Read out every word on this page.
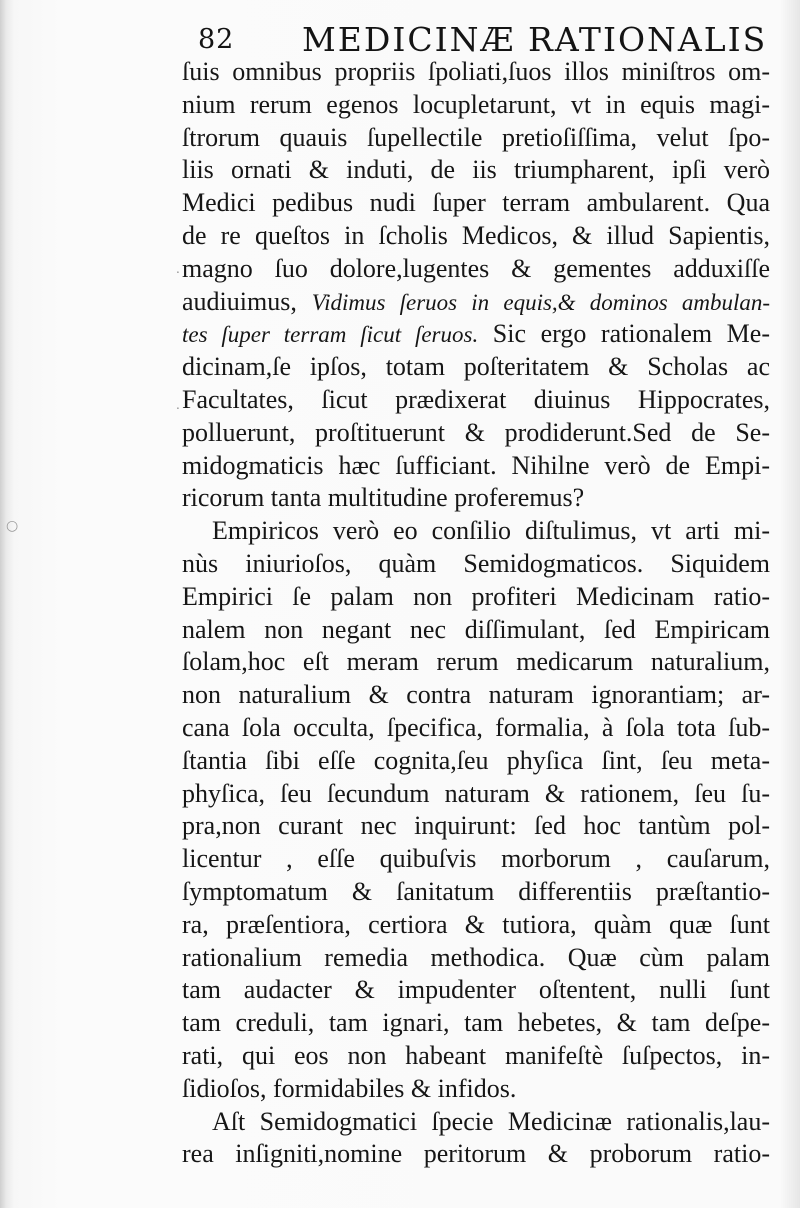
82 MEDICINÆ RATIONALIS
ſuis omnibus propriis ſpoliati,ſuos illos miniſtros om-
nium rerum egenos locupletarunt, vt in equis magi-
ſtrorum quauis ſupellectile pretioſiſſima, velut ſpo-
liis ornati & induti, de iis triumpharent, ipſi verò
Medici pedibus nudi ſuper terram ambularent. Qua
de re queſtos in ſcholis Medicos, & illud Sapientis,
magno ſuo dolore,lugentes & gementes adduxiſſe
audiuimus, Vidimus ſeruos in equis,& dominos ambulan-
tes ſuper terram ſicut ſeruos. Sic ergo rationalem Me-
dicinam,ſe ipſos, totam poſteritatem & Scholas ac
Facultates, ſicut prædixerat diuinus Hippocrates,
polluerunt, proſtituerunt & prodiderunt.Sed de Se-
midogmaticis hæc ſufficiant. Nihilne verò de Empi-
ricorum tanta multitudine proferemus?
Empiricos verò eo conſilio diſtulimus, vt arti mi-
nùs iniurioſos, quàm Semidogmaticos. Siquidem
Empirici ſe palam non profiteri Medicinam ratio-
nalem non negant nec diſſimulant, ſed Empiricam
ſolam,hoc eſt meram rerum medicarum naturalium,
non naturalium & contra naturam ignorantiam; ar-
cana ſola occulta, ſpecifica, formalia, à ſola tota ſub-
ſtantia ſibi eſſe cognita,ſeu phyſica ſint, ſeu meta-
phyſica, ſeu ſecundum naturam & rationem, ſeu ſu-
pra,non curant nec inquirunt: ſed hoc tantùm pol-
licentur , eſſe quibuſvis morborum , cauſarum,
ſymptomatum & ſanitatum differentiis præſtantio-
ra, præſentiora, certiora & tutiora, quàm quæ ſunt
rationalium remedia methodica. Quæ cùm palam
tam audacter & impudenter oſtentent, nulli ſunt
tam creduli, tam ignari, tam hebetes, & tam deſpe-
rati, qui eos non habeant manifeſtè ſuſpectos, in-
ſidioſos, formidabiles & infidos.
Aſt Semidogmatici ſpecie Medicinæ rationalis,lau-
rea inſigniti,nomine peritorum & proborum ratio-
○
.
.
